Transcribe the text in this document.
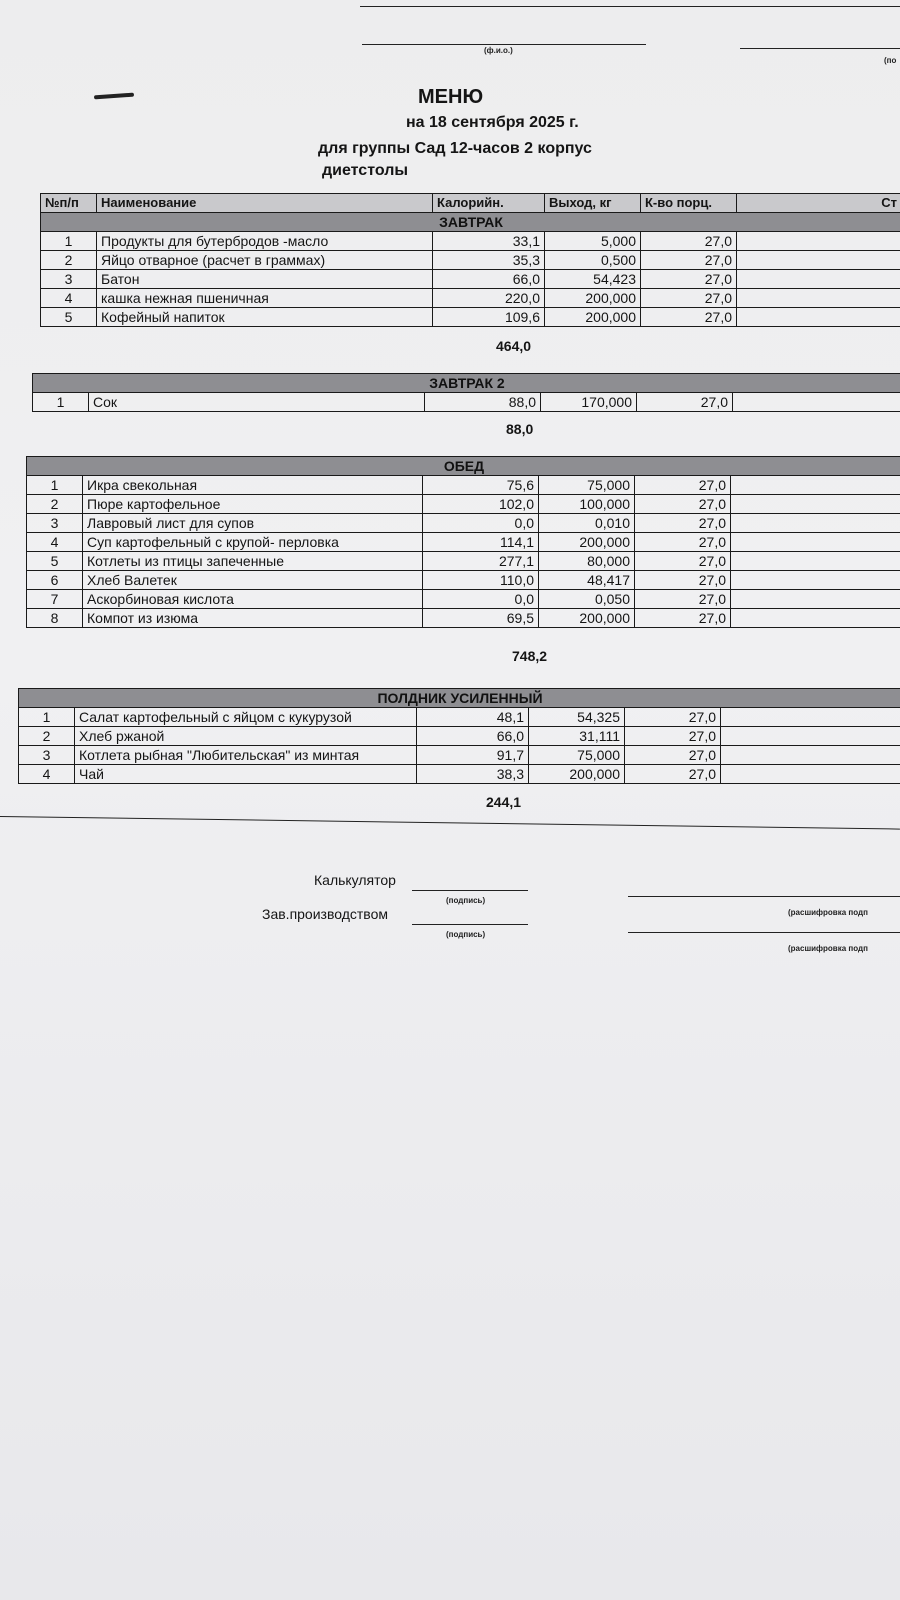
(ф.и.о.)
(по
МЕНЮ
на 18 сентября 2025 г.
для группы Сад 12-часов 2 корпус
диетстолы
№п/п	Наименование	Калорийн.	Выход, кг	К-во порц.	Ст
ЗАВТРАК					
1	Продукты для бутербродов -масло	33,1	5,000	27,0	
2	Яйцо отварное (расчет в граммах)	35,3	0,500	27,0	
3	Батон	66,0	54,423	27,0	
4	кашка нежная пшеничная	220,0	200,000	27,0	
5	Кофейный напиток	109,6	200,000	27,0	
464,0
ЗАВТРАК 2
1	Сок	88,0	170,000	27,0	
88,0
ОБЕД					
1	Икра свекольная	75,6	75,000	27,0	
2	Пюре картофельное	102,0	100,000	27,0	
3	Лавровый лист для супов	0,0	0,010	27,0	
4	Суп картофельный с крупой- перловка	114,1	200,000	27,0	
5	Котлеты из птицы запеченные	277,1	80,000	27,0	
6	Хлеб Валетек	110,0	48,417	27,0	
7	Аскорбиновая кислота	0,0	0,050	27,0	
8	Компот из изюма	69,5	200,000	27,0	
748,2
ПОЛДНИК УСИЛЕННЫЙ					
1	Салат картофельный с яйцом с кукурузой	48,1	54,325	27,0	
2	Хлеб ржаной	66,0	31,111	27,0	
3	Котлета рыбная "Любительская" из минтая	91,7	75,000	27,0	
4	Чай	38,3	200,000	27,0	
244,1
Калькулятор
(подпись)
(расшифровка подп
Зав.производством
(подпись)
(расшифровка подп
